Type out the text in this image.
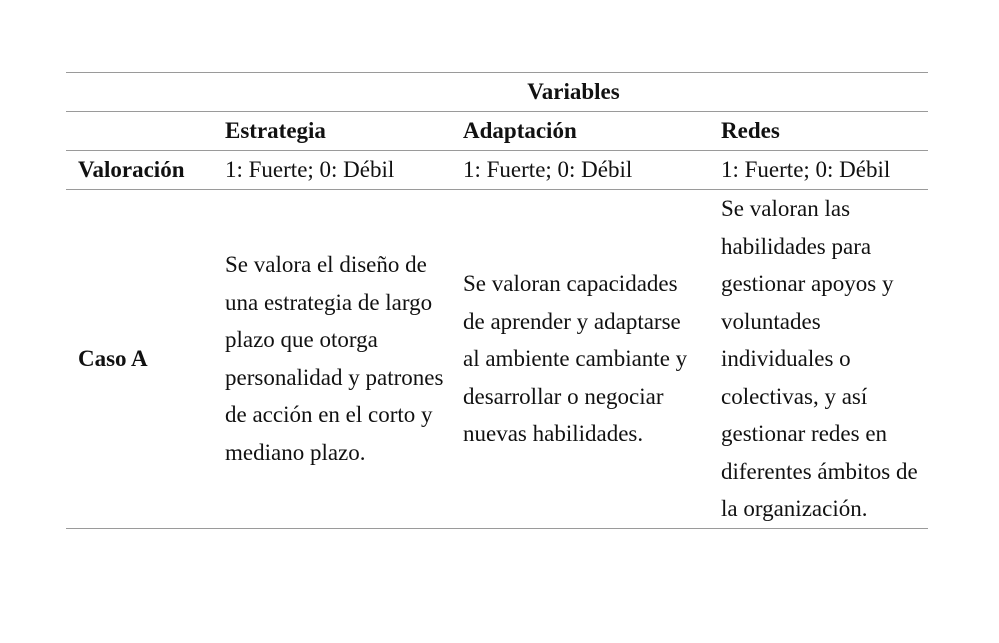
	Variables		
	Estrategia	Adaptación	Redes
Valoración	1: Fuerte; 0: Débil	1: Fuerte; 0: Débil	1: Fuerte; 0: Débil
Caso A	Se valora el diseño de una estrategia de largo plazo que otorga personalidad y patrones de acción en el corto y mediano plazo.	Se valoran capacidades de aprender y adaptarse al ambiente cambiante y desarrollar o negociar nuevas habilidades.	Se valoran las habilidades para gestionar apoyos y voluntades individuales o colectivas, y así gestionar redes en diferentes ámbitos de la organización.
